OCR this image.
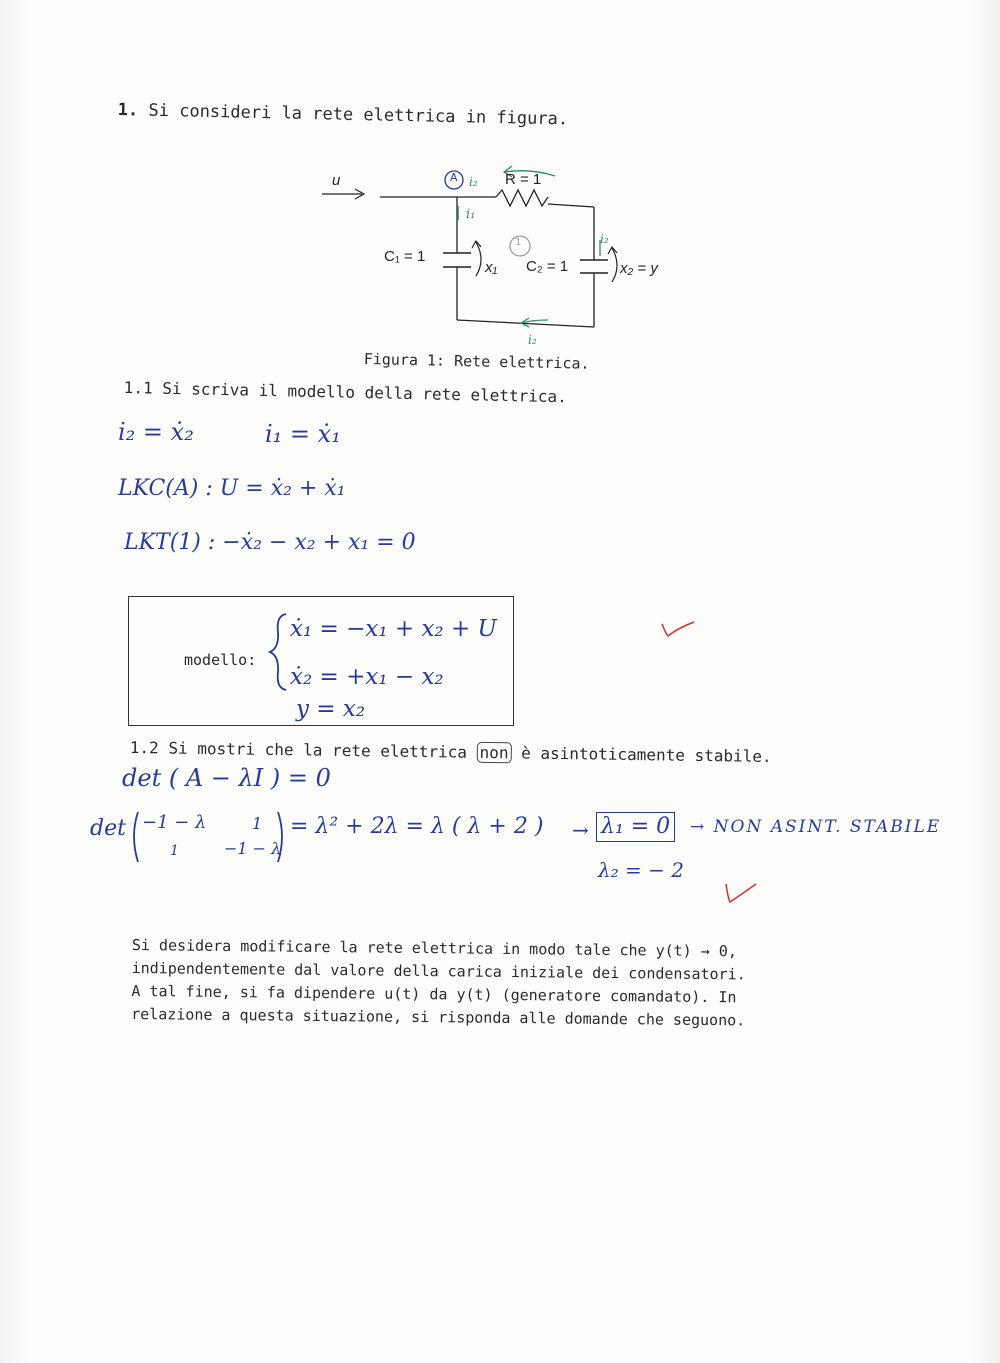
1. Si consideri la rete elettrica in figura.
u	A i₂ R = 1
i₁
1
C₁ = 1
x₁ C₂ = 1
i₂
x₂ = y
i₂
Figura 1: Rete elettrica.
1.1 Si scriva il modello della rete elettrica.
i₂ = ẋ₂	i₁ = ẋ₁
LKC(A) : U = ẋ₂ + ẋ₁
LKT(1) : −ẋ₂ − x₂ + x₁ = 0
modello:
ẋ₁ = −x₁ + x₂ + U
ẋ₂ = +x₁ − x₂
y = x₂
1.2 Si mostri che la rete elettrica non è asintoticamente stabile.
det ( A − λI ) = 0
det −1 − λ	1
1	−1 − λ
= λ² + 2λ = λ ( λ + 2 ) → λ₁ = 0 → NON ASINT. STABILE
λ₂ = − 2
Si desidera modificare la rete elettrica in modo tale che y(t) → 0,
indipendentemente dal valore della carica iniziale dei condensatori.
A tal fine, si fa dipendere u(t) da y(t) (generatore comandato). In
relazione a questa situazione, si risponda alle domande che seguono.
